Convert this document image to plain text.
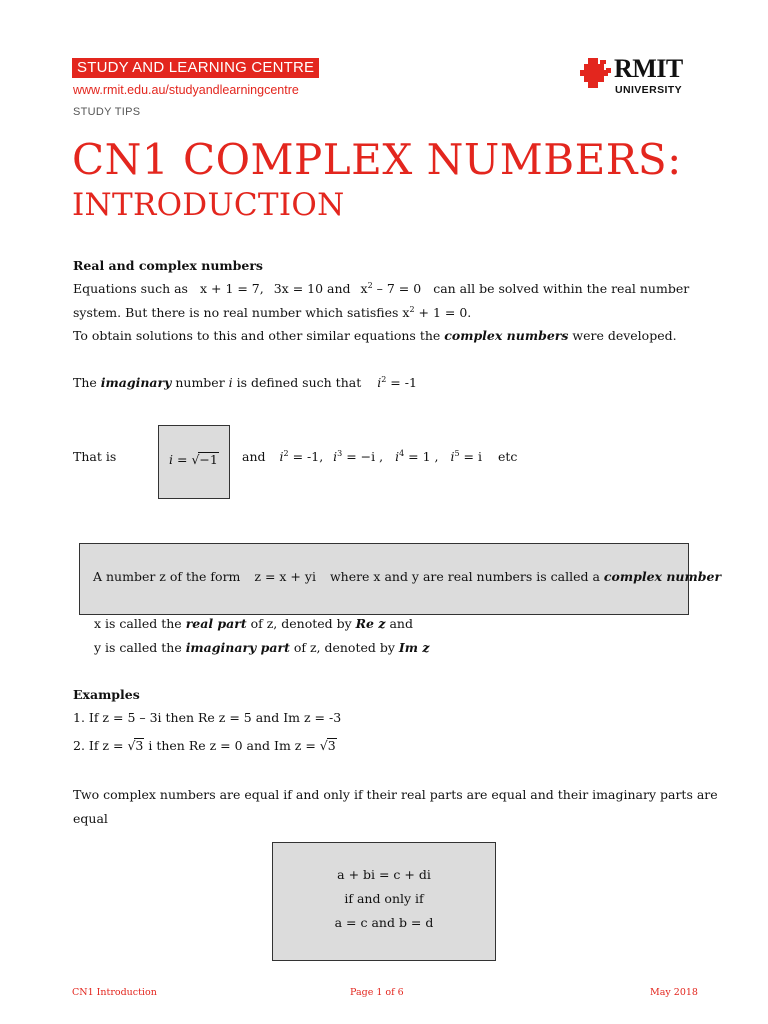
STUDY AND LEARNING CENTRE
www.rmit.edu.au/studyandlearningcentre
STUDY TIPS
RMIT
UNIVERSITY
CN1 COMPLEX NUMBERS:
INTRODUCTION
Real and complex numbers
Equations such as x + 1 = 7, 3x = 10 and $x^2 - 7 = 0$ can all be solved within the real number
system. But there is no real number which satisfies $x^2 + 1 = 0$.
To obtain solutions to this and other similar equations the complex numbers were developed.
The imaginary number i is defined such that $i^2 = -1$
That is	i = √−1 and $i^2 = -1$, $i^3 = -i$ , $i^4 = 1$ , $i^5 = i$ etc
A number z of the form z = x + yi where x and y are real numbers is called a complex number
x is called the real part of z, denoted by Re z and
y is called the imaginary part of z, denoted by Im z
Examples
1. If z = 5 – 3i then Re z = 5 and Im z = -3
2. If z = √3 i then Re z = 0 and Im z = √3
Two complex numbers are equal if and only if their real parts are equal and their imaginary parts are
equal
a + bi = c + di
if and only if
a = c and b = d
CN1 Introduction	Page 1 of 6	May 2018
